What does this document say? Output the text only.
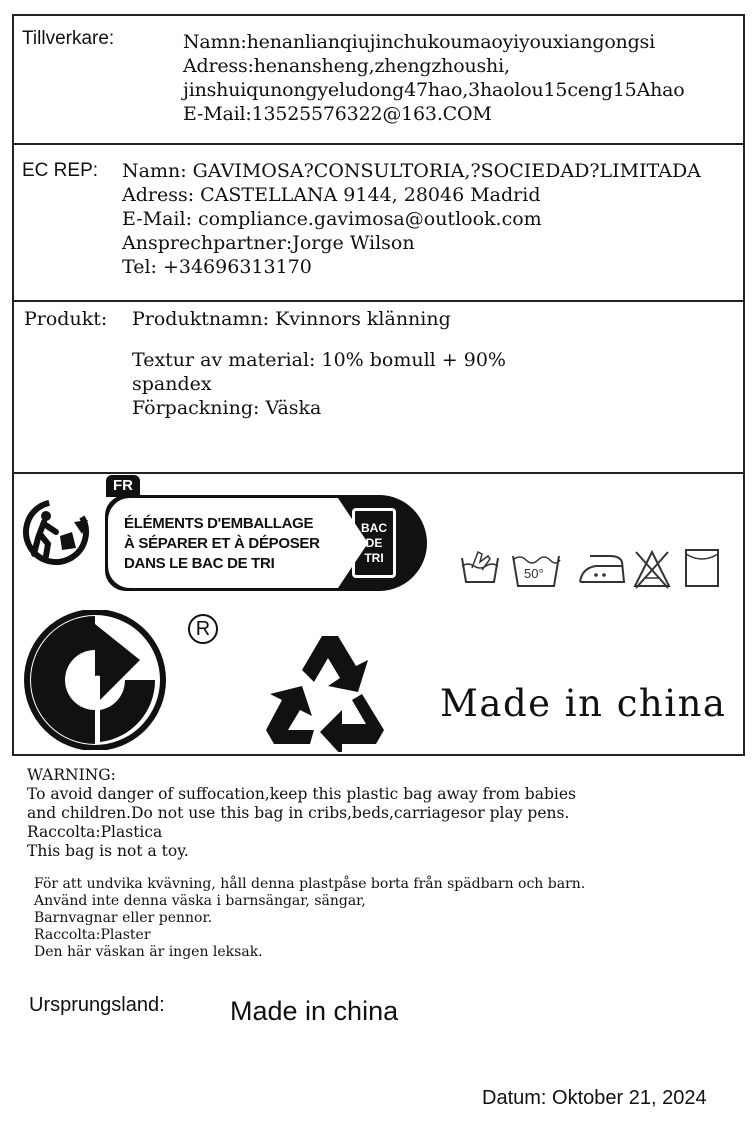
Tillverkare:	Namn:henanlianqiujinchukoumaoyiyouxiangongsi
Adress:henansheng,zhengzhoushi,
jinshuiqunongyeludong47hao,3haolou15ceng15Ahao
E-Mail:13525576322@163.COM
EC REP: Namn: GAVIMOSA?CONSULTORIA,?SOCIEDAD?LIMITADA
Adress: CASTELLANA 9144, 28046 Madrid
E-Mail: compliance.gavimosa@outlook.com
Ansprechpartner:Jorge Wilson
Tel: +34696313170
Produkt: Produktnamn: Kvinnors klänning
Textur av material: 10% bomull + 90%
spandex
Förpackning: Väska
FR
ÉLÉMENTS D'EMBALLAGE
À SÉPARER ET À DÉPOSER
DANS LE BAC DE TRI
BAC
DE
TRI
50°
R
Made in china
WARNING:
To avoid danger of suffocation,keep this plastic bag away from babies
and children.Do not use this bag in cribs,beds,carriagesor play pens.
Raccolta:Plastica
This bag is not a toy.
För att undvika kvävning, håll denna plastpåse borta från spädbarn och barn.
Använd inte denna väska i barnsängar, sängar,
Barnvagnar eller pennor.
Raccolta:Plaster
Den här väskan är ingen leksak.
Ursprungsland: Made in china
Datum: Oktober 21, 2024
